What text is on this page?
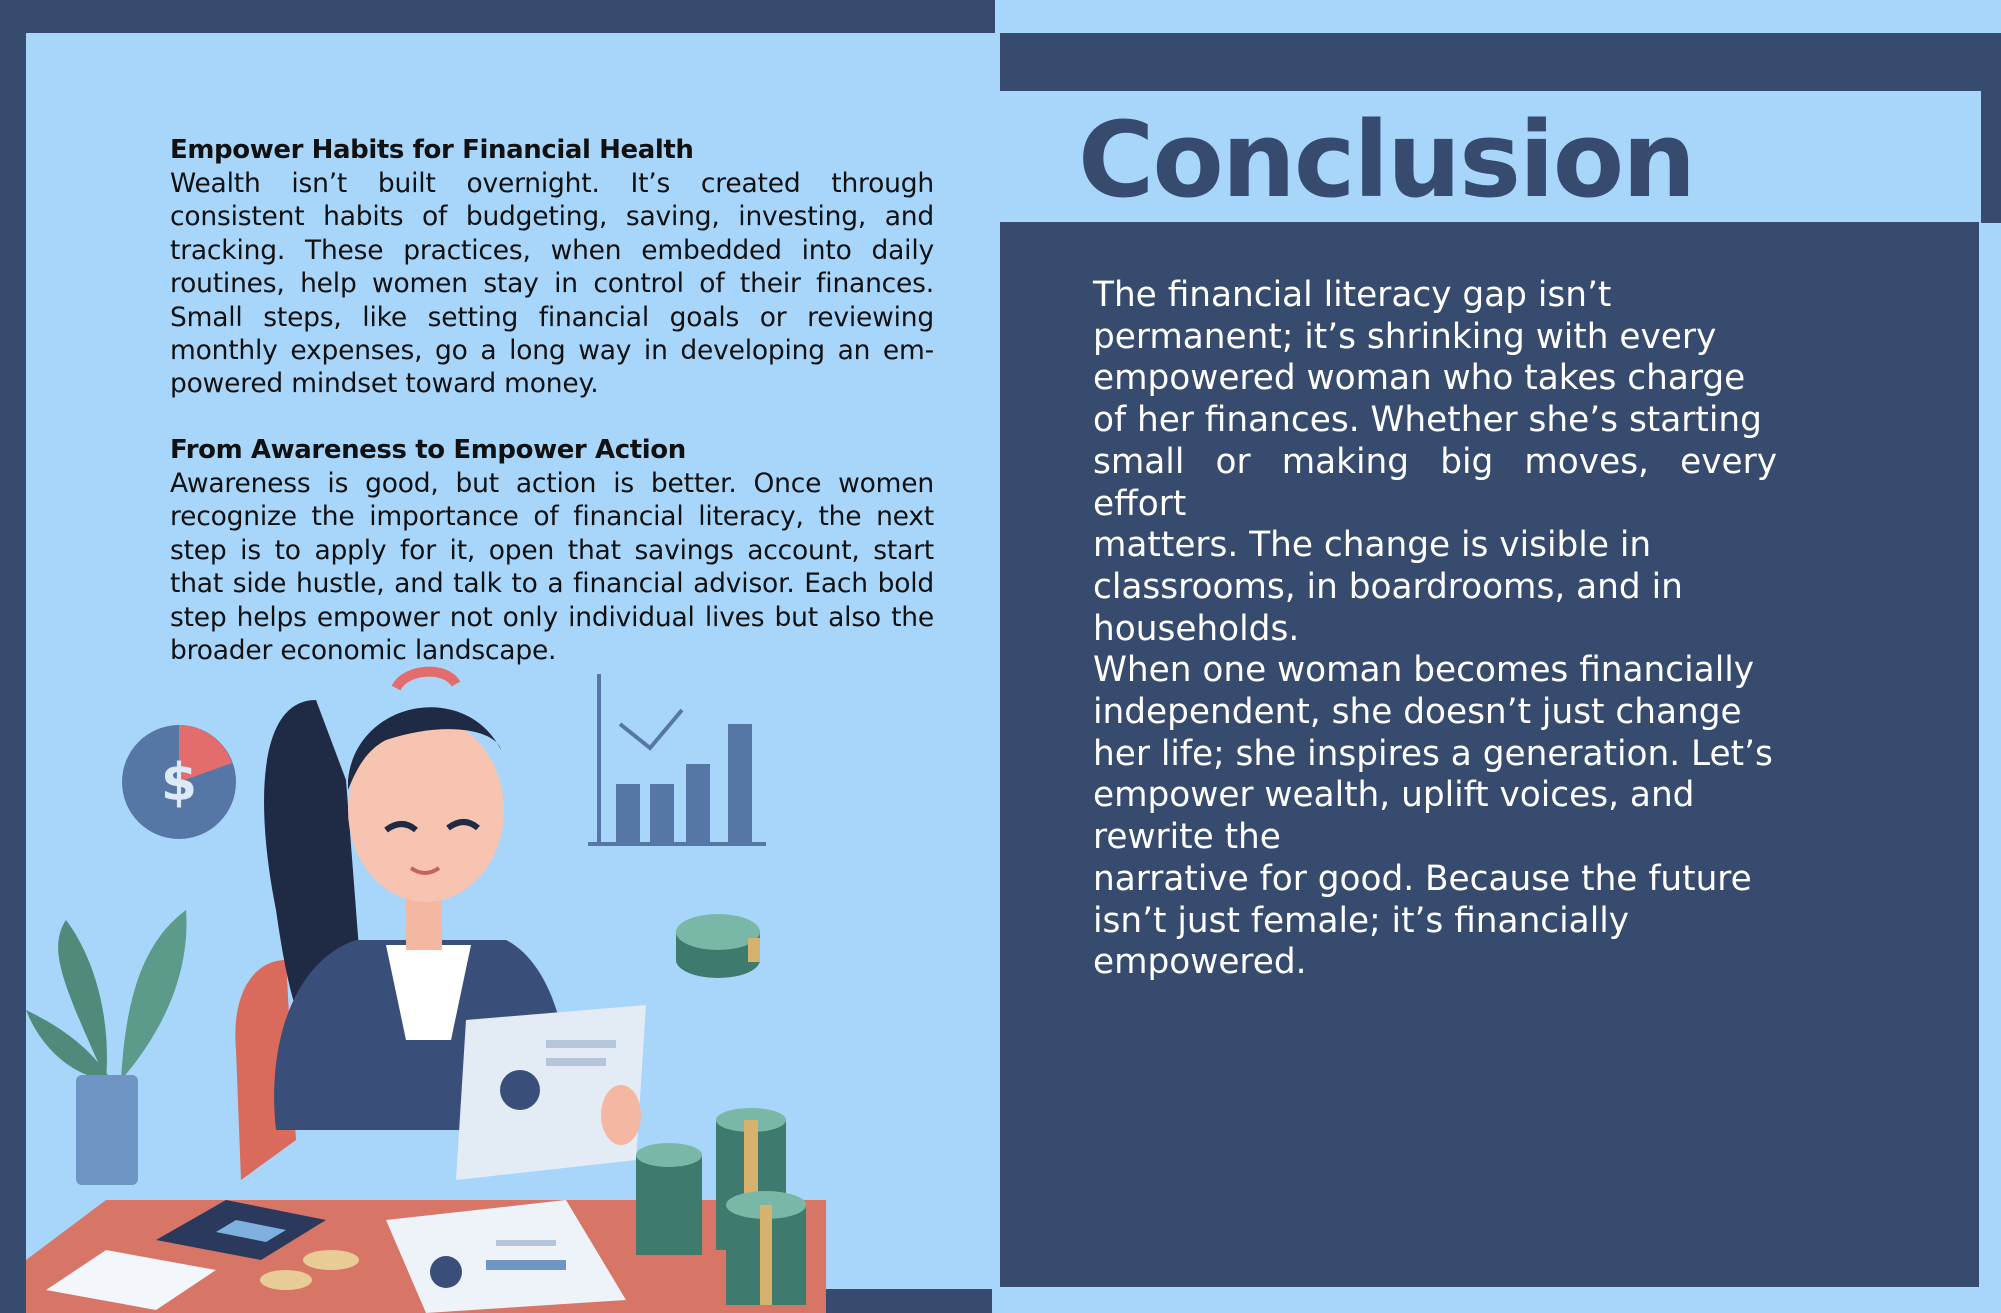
Empower Habits for Financial Health

Wealth isn’t built overnight. It’s created through consistent habits of budgeting, saving, investing, and tracking. These practices, when embedded into daily routines, help women stay in control of their finances. Small steps, like setting financial goals or reviewing monthly expenses, go a long way in developing an em-powered mindset toward money.

From Awareness to Empower Action

Awareness is good, but action is better. Once women recognize the importance of financial literacy, the next step is to apply for it, open that savings account, start that side hustle, and talk to a financial advisor. Each bold step helps empower not only individual lives but also the broader economic landscape.

$
Conclusion

The financial literacy gap isn’t
permanent; it’s shrinking with every
empowered woman who takes charge
of her finances. Whether she’s starting
small or making big moves, every effort
matters. The change is visible in
classrooms, in boardrooms, and in
households.
When one woman becomes financially
independent, she doesn’t just change
her life; she inspires a generation. Let’s
empower wealth, uplift voices, and
rewrite the
narrative for good. Because the future
isn’t just female; it’s financially
empowered.
